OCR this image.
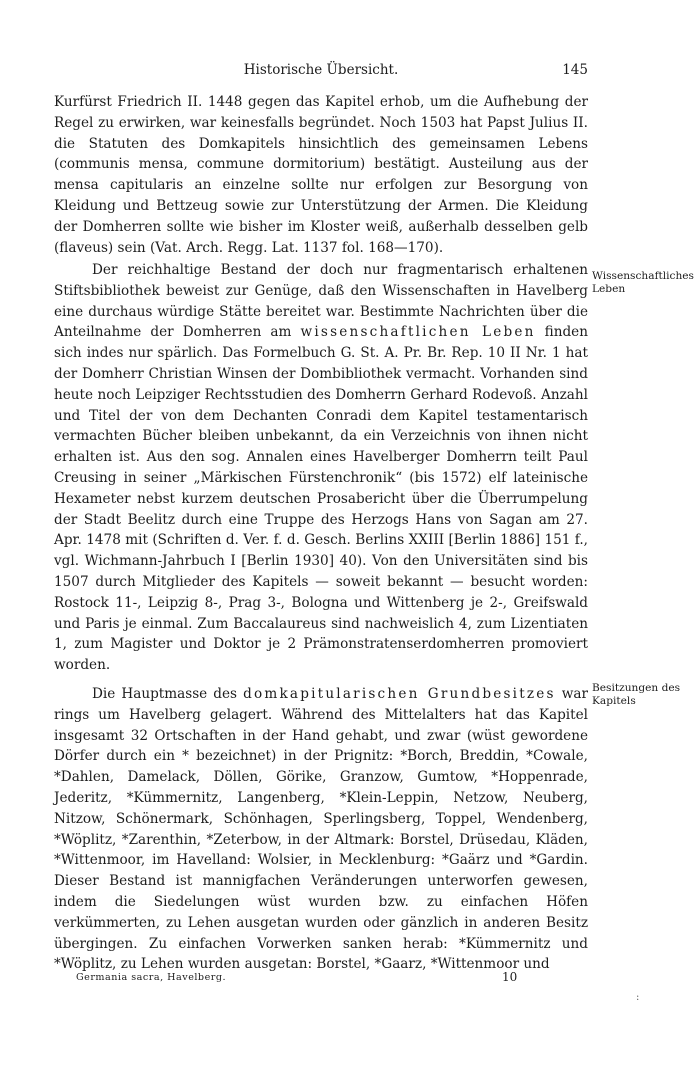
Historische Übersicht.	145

Kurfürst Friedrich II. 1448 gegen das Kapitel erhob, um die Aufhebung der Regel zu erwirken, war keinesfalls begründet. Noch 1503 hat Papst Julius II. die Statuten des Domkapitels hinsichtlich des gemeinsamen Lebens (communis mensa, commune dormitorium) bestätigt. Austeilung aus der mensa capitularis an einzelne sollte nur erfolgen zur Besorgung von Kleidung und Bettzeug sowie zur Unterstützung der Armen. Die Kleidung der Domherren sollte wie bisher im Kloster weiß, außerhalb desselben gelb (flaveus) sein (Vat. Arch. Regg. Lat. 1137 fol. 168—170).

Der reichhaltige Bestand der doch nur fragmentarisch erhaltenen Stiftsbibliothek beweist zur Genüge, daß den Wissenschaften in Havelberg eine durchaus würdige Stätte bereitet war. Bestimmte Nachrichten über die Anteilnahme der Domherren am wissenschaftlichen Leben finden sich indes nur spärlich. Das Formelbuch G. St. A. Pr. Br. Rep. 10 II Nr. 1 hat der Domherr Christian Winsen der Dombibliothek vermacht. Vorhanden sind heute noch Leipziger Rechtsstudien des Domherrn Gerhard Rodevoß. Anzahl und Titel der von dem Dechanten Conradi dem Kapitel testamentarisch vermachten Bücher bleiben unbekannt, da ein Verzeichnis von ihnen nicht erhalten ist. Aus den sog. Annalen eines Havelberger Domherrn teilt Paul Creusing in seiner „Märkischen Fürstenchronik“ (bis 1572) elf lateinische Hexameter nebst kurzem deutschen Prosabericht über die Überrumpelung der Stadt Beelitz durch eine Truppe des Herzogs Hans von Sagan am 27. Apr. 1478 mit (Schriften d. Ver. f. d. Gesch. Berlins XXIII [Berlin 1886] 151 f., vgl. Wichmann-Jahrbuch I [Berlin 1930] 40). Von den Universitäten sind bis 1507 durch Mitglieder des Kapitels — soweit bekannt — besucht worden: Rostock 11-, Leipzig 8-, Prag 3-, Bologna und Wittenberg je 2-, Greifswald und Paris je einmal. Zum Baccalaureus sind nachweislich 4, zum Lizentiaten 1, zum Magister und Doktor je 2 Prämonstratenserdomherren promoviert worden.

Wissenschaftliches Leben

Die Hauptmasse des domkapitularischen Grundbesitzes war rings um Havelberg gelagert. Während des Mittelalters hat das Kapitel insgesamt 32 Ortschaften in der Hand gehabt, und zwar (wüst gewordene Dörfer durch ein * bezeichnet) in der Prignitz: *Borch, Breddin, *Cowale, *Dahlen, Damelack, Döllen, Görike, Granzow, Gumtow, *Hoppenrade, Jederitz, *Kümmernitz, Langenberg, *Klein-Leppin, Netzow, Neuberg, Nitzow, Schönermark, Schönhagen, Sperlingsberg, Toppel, Wendenberg, *Wöplitz, *Zarenthin, *Zeterbow, in der Altmark: Borstel, Drüsedau, Kläden, *Wittenmoor, im Havelland: Wolsier, in Mecklenburg: *Gaärz und *Gardin. Dieser Bestand ist mannigfachen Veränderungen unterworfen gewesen, indem die Siedelungen wüst wurden bzw. zu einfachen Höfen verkümmerten, zu Lehen ausgetan wurden oder gänzlich in anderen Besitz übergingen. Zu einfachen Vorwerken sanken herab: *Kümmernitz und *Wöplitz, zu Lehen wurden ausgetan: Borstel, *Gaarz, *Wittenmoor und

Besitzungen des Kapitels
Germania sacra, Havelberg.	10
:
